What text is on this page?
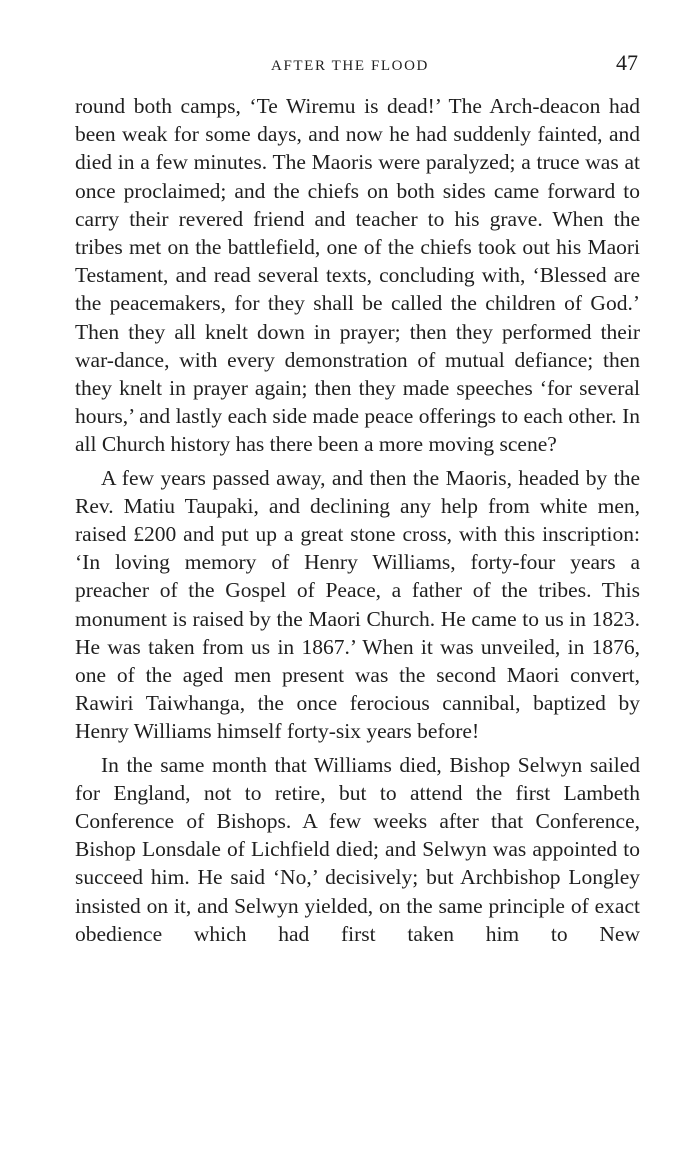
AFTER THE FLOOD	47

round both camps, ‘Te Wiremu is dead!’ The Arch-deacon had been weak for some days, and now he had suddenly fainted, and died in a few minutes. The Maoris were paralyzed; a truce was at once proclaimed; and the chiefs on both sides came forward to carry their revered friend and teacher to his grave. When the tribes met on the battlefield, one of the chiefs took out his Maori Testament, and read several texts, concluding with, ‘Blessed are the peacemakers, for they shall be called the children of God.’ Then they all knelt down in prayer; then they performed their war-dance, with every demonstration of mutual defiance; then they knelt in prayer again; then they made speeches ‘for several hours,’ and lastly each side made peace offerings to each other. In all Church history has there been a more moving scene?

A few years passed away, and then the Maoris, headed by the Rev. Matiu Taupaki, and declining any help from white men, raised £200 and put up a great stone cross, with this inscription: ‘In loving memory of Henry Williams, forty-four years a preacher of the Gospel of Peace, a father of the tribes. This monument is raised by the Maori Church. He came to us in 1823. He was taken from us in 1867.’ When it was unveiled, in 1876, one of the aged men present was the second Maori convert, Rawiri Taiwhanga, the once ferocious cannibal, baptized by Henry Williams himself forty-six years before!

In the same month that Williams died, Bishop Selwyn sailed for England, not to retire, but to attend the first Lambeth Conference of Bishops. A few weeks after that Conference, Bishop Lonsdale of Lichfield died; and Selwyn was appointed to succeed him. He said ‘No,’ decisively; but Archbishop Longley insisted on it, and Selwyn yielded, on the same principle of exact obedience which had first taken him to New
